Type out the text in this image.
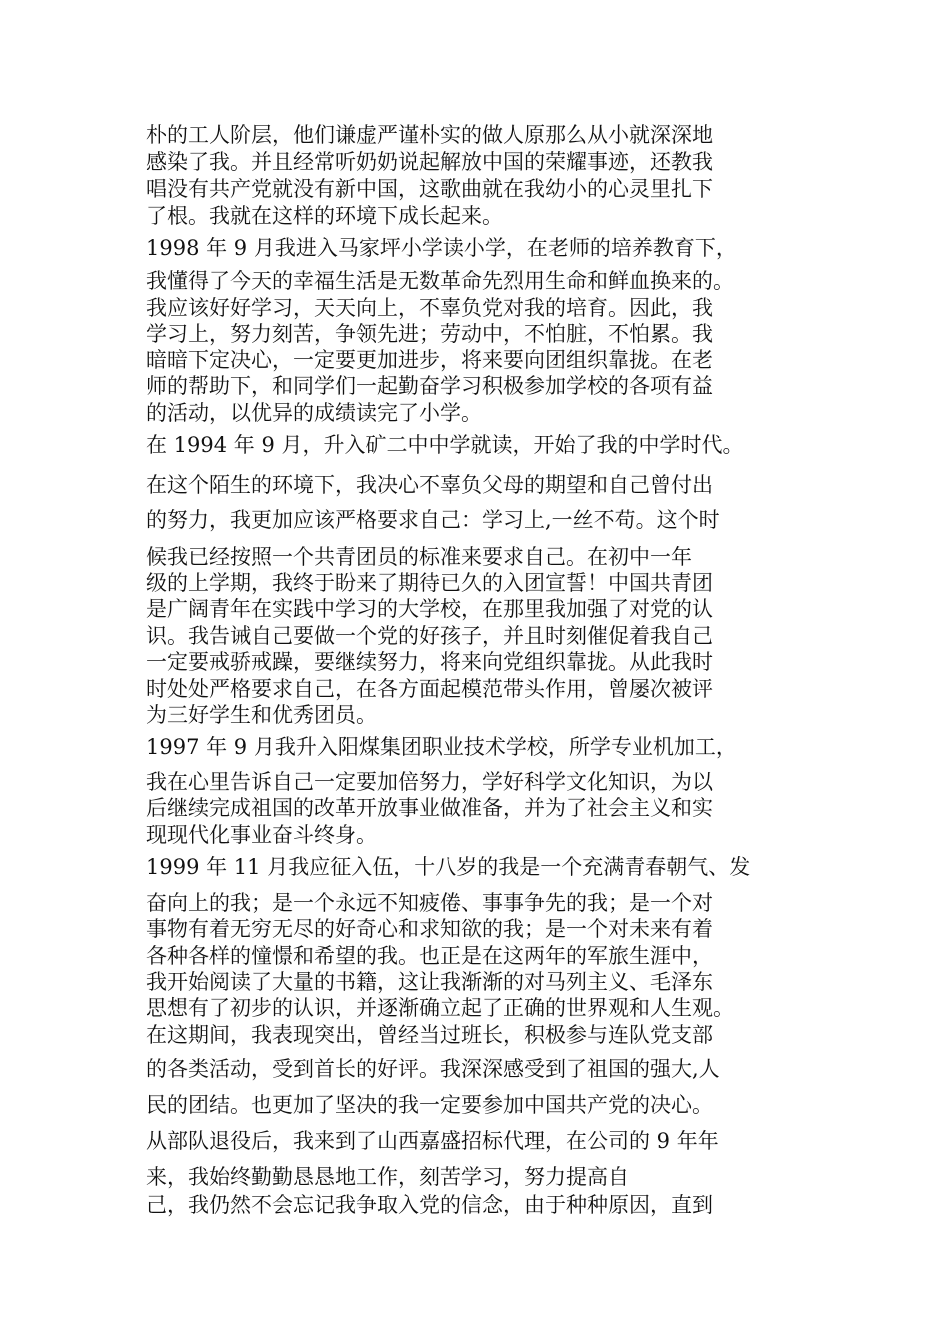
朴的工人阶层，他们谦虚严谨朴实的做人原那么从小就深深地
感染了我。并且经常听奶奶说起解放中国的荣耀事迹，还教我
唱没有共产党就没有新中国，这歌曲就在我幼小的心灵里扎下
了根。我就在这样的环境下成长起来。
1998 年 9 月我进入马家坪小学读小学，在老师的培养教育下，
我懂得了今天的幸福生活是无数革命先烈用生命和鲜血换来的。
我应该好好学习，天天向上，不辜负党对我的培育。因此，我
学习上，努力刻苦，争领先进；劳动中，不怕脏，不怕累。我
暗暗下定决心，一定要更加进步，将来要向团组织靠拢。在老
师的帮助下，和同学们一起勤奋学习积极参加学校的各项有益
的活动，以优异的成绩读完了小学。
在 1994 年 9 月，升入矿二中中学就读，开始了我的中学时代。
在这个陌生的环境下，我决心不辜负父母的期望和自己曾付出
的努力，我更加应该严格要求自己：学习上,一丝不苟。这个时
候我已经按照一个共青团员的标准来要求自己。在初中一年
级的上学期，我终于盼来了期待已久的入团宣誓！中国共青团
是广阔青年在实践中学习的大学校，在那里我加强了对党的认
识。我告诫自己要做一个党的好孩子，并且时刻催促着我自己
一定要戒骄戒躁，要继续努力，将来向党组织靠拢。从此我时
时处处严格要求自己，在各方面起模范带头作用，曾屡次被评
为三好学生和优秀团员。
1997 年 9 月我升入阳煤集团职业技术学校，所学专业机加工，
我在心里告诉自己一定要加倍努力，学好科学文化知识，为以
后继续完成祖国的改革开放事业做准备，并为了社会主义和实
现现代化事业奋斗终身。
1999 年 11 月我应征入伍，十八岁的我是一个充满青春朝气、发
奋向上的我；是一个永远不知疲倦、事事争先的我；是一个对
事物有着无穷无尽的好奇心和求知欲的我；是一个对未来有着
各种各样的憧憬和希望的我。也正是在这两年的军旅生涯中，
我开始阅读了大量的书籍，这让我渐渐的对马列主义、毛泽东
思想有了初步的认识，并逐渐确立起了正确的世界观和人生观。
在这期间，我表现突出，曾经当过班长，积极参与连队党支部
的各类活动，受到首长的好评。我深深感受到了祖国的强大,人
民的团结。也更加了坚决的我一定要参加中国共产党的决心。
从部队退役后，我来到了山西嘉盛招标代理，在公司的 9 年年
来，我始终勤勤恳恳地工作，刻苦学习，努力提高自
己，我仍然不会忘记我争取入党的信念，由于种种原因，直到
